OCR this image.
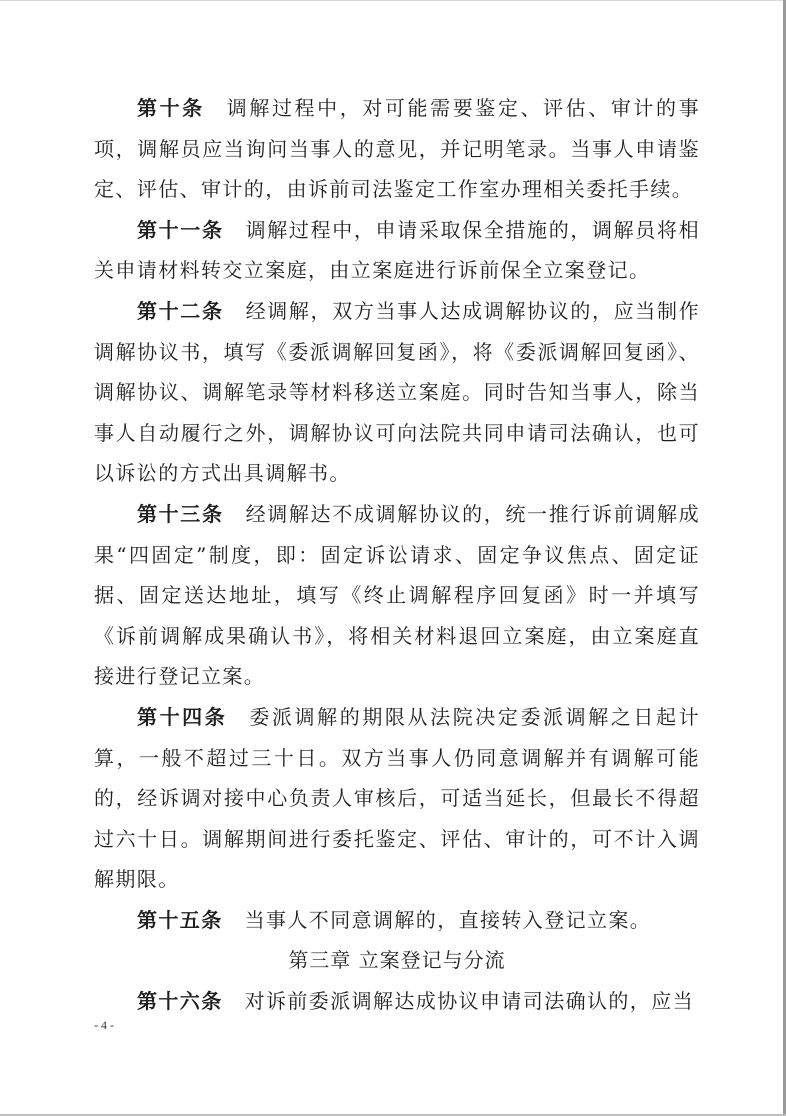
第十条 调解过程中，对可能需要鉴定、评估、审计的事项，调解员应当询问当事人的意见，并记明笔录。当事人申请鉴定、评估、审计的，由诉前司法鉴定工作室办理相关委托手续。

第十一条 调解过程中，申请采取保全措施的，调解员将相关申请材料转交立案庭，由立案庭进行诉前保全立案登记。

第十二条 经调解，双方当事人达成调解协议的，应当制作调解协议书，填写《委派调解回复函》，将《委派调解回复函》、调解协议、调解笔录等材料移送立案庭。同时告知当事人，除当事人自动履行之外，调解协议可向法院共同申请司法确认，也可以诉讼的方式出具调解书。

第十三条 经调解达不成调解协议的，统一推行诉前调解成果“四固定”制度，即：固定诉讼请求、固定争议焦点、固定证据、固定送达地址，填写《终止调解程序回复函》时一并填写《诉前调解成果确认书》，将相关材料退回立案庭，由立案庭直接进行登记立案。

第十四条 委派调解的期限从法院决定委派调解之日起计算，一般不超过三十日。双方当事人仍同意调解并有调解可能的，经诉调对接中心负责人审核后，可适当延长，但最长不得超过六十日。调解期间进行委托鉴定、评估、审计的，可不计入调解期限。

第十五条 当事人不同意调解的，直接转入登记立案。

第三章 立案登记与分流

第十六条 对诉前委派调解达成协议申请司法确认的，应当

- 4 -
